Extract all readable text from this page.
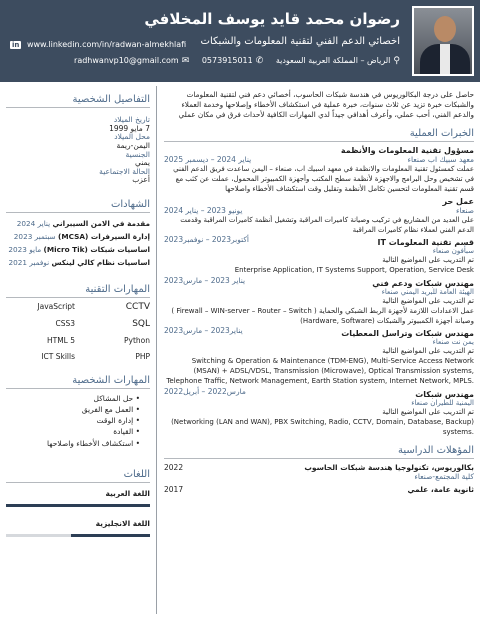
رضوان محمد قايد يوسف المخلافي
اخصائي الدعم الفني لتقنية المعلومات والشبكات
in www.linkedin.com/in/radwan-almekhlafi
⚲الرياض – المملكة العربية السعودية ✆0573915011 ✉radhwanvp10@gmail.com

حاصل على درجة البكالوريوس في هندسة شبكات الحاسوب، أخصائي دعم فني لتقنية المعلومات والشبكات خبرة تزيد عن ثلاث سنوات، خبرة عملية في استكشاف الأخطاء وإصلاحها وخدمة العملاء والدعم الفني، أحب عملي، وأعرف أهدافي جيداً لدي المهارات الكافية لأحداث فرق في مكان عملي

الخبرات العملية
مسؤول تقنية المعلومات والأنظمة
معهد سبيك اب صنعاء
يناير 2024 – ديسمبر 2025
عملت كمسئول تقنية المعلومات والانظمة في معهد اسبيك اب، صنعاء – اليمن ساعدت فريق الدعم الفني في تشخيص وحل البرامج والاجهزة لأنظمة سطح المكتب وأجهزة الكمبيوتر المحمول، عملت عن كثب مع قسم تقنية المعلومات لتحسين تكامل الأنظمة وتقليل وقت استكشاف الأخطاء واصلاحها
عمل حر
صنعاء
يونيو 2023 – يناير 2024
على العديد من المشاريع في تركيب وصيانة كاميرات المراقبة وتشغيل أنظمة كاميرات المراقبة وقدمت الدعم الفني لعملاء نظام كاميرات المراقبة
قسم تقنية المعلومات IT
أكتوبر2023 – نوفمبر2023
سبأفون صنعاء
تم التدريب على المواضيع التالية
Enterprise Application, IT Systems Support, Operation, Service Desk
مهندس شبكات ودعم فني
يناير 2023 – مارس2023
الهيئة العامة للبريد اليمني صنعاء
تم التدريب على المواضيع التالية
عمل الاعدادات اللازمة لأجهزة الربط الشبكي والحماية ( Firewall – WIN-server – Router – Switch ) وصيانة أجهزة الكمبيوتر والشبكات (Hardware, Software)
مهندس شبكات وتراسل المعطيات
يناير2023 – مارس2023
يمن نت صنعاء
تم التدريب على المواضيع التالية
Switching & Operation & Maintenance (TDM-ENG), Multi-Service Access Network (MSAN) + ADSL/VDSL, Transmission (Microwave), Optical Transmission systems, Telephone Traffic, Network Management, Earth Station system, Internet Network, MPLS.
مهندس شبكات
مارس2022 – أبريل2022
اليمنية للطيران صنعاء
تم التدريب على المواضيع التالية
(Networking (LAN and WAN), PBX Switching, Radio, CCTV, Domain, Database, Backup) systems.
المؤهلات الدراسية
بكالوريوس، تكنولوجيا هندسة شبكات الحاسوب
2022
كلية المجتمع-صنعاء
ثانوية عامة، علمي
2017
التفاصيل الشخصية
تاريخ الميلاد
7 مايو 1999
محل الميلاد
اليمن-ريمة
الجنسية
يمني
الحالة الاجتماعية
أعزب
الشهادات
مقدمة في الامن السيبراني يناير 2024
إدارة السيرفرات (MCSA) سبتمبر 2023
اساسيات شبكات (Micro Tik) مايو 2023
اساسيات نظام كالي لينكس نوفمبر 2021
المهارات التقنية
JavaScript	CCTV
CSS3	SQL
HTML 5	Python
ICT Skills	PHP
المهارات الشخصية
• حل المشاكل
• العمل مع الفريق
• إدارة الوقت
• القيادة
• استكشاف الأخطاء واصلاحها
اللغات
اللغة العربية
اللغة الانجليزية
